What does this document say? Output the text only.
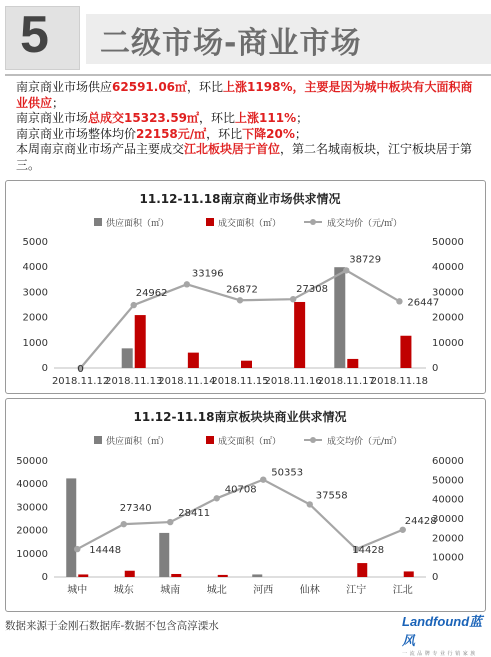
5 二级市场-商业市场
南京商业市场供应62591.06㎡，环比上涨1198%，主要是因为城中板块有大面积商业供应；
南京商业市场总成交15323.59㎡，环比上涨111%；
南京商业市场整体均价22158元/㎡，环比下降20%；
本周南京商业市场产品主要成交江北板块居于首位，第二名城南板块，江宁板块居于第三。
11.12-11.18南京商业市场供求情况
供应面积（㎡）	成交面积（㎡）	成交均价（元/㎡）
0
1000
2000
3000
4000
5000
0
10000
20000
30000
40000
50000
2018.11.12
2018.11.13
2018.11.14
2018.11.15
2018.11.16
2018.11.17
2018.11.18
0
24962
33196
26872	27308
38729
26447
11.12-11.18南京板块块商业供求情况
供应面积（㎡）	成交面积（㎡）	成交均价（元/㎡）
0
10000
20000
30000
40000
50000
0
10000
20000
30000
40000
50000
60000
城中	城东	城南	城北	河西	仙林	江宁	江北
14448
27340	28411
40708
50353
37558
14428
24428
数据来源于金刚石数据库-数据不包含高淳溧水	Landfound蓝风
一 流 品 牌 专 业 行 销 家 族
